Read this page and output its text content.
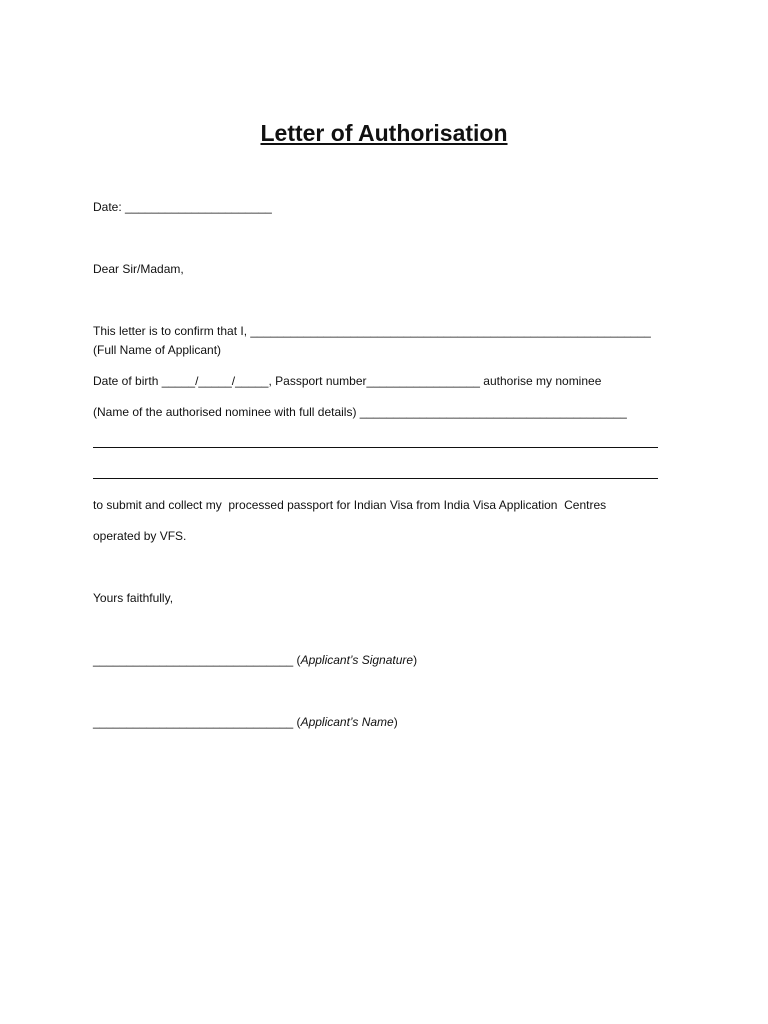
Letter of Authorisation
Date: ______________________
Dear Sir/Madam,
This letter is to confirm that I, ____________________________________________________________
(Full Name of Applicant)
Date of birth _____/_____/_____, Passport number_________________ authorise my nominee
(Name of the authorised nominee with full details) ________________________________________
to submit and collect my  processed passport for Indian Visa from India Visa Application  Centres
operated by VFS.
Yours faithfully,
______________________________ (Applicant’s Signature)
______________________________ (Applicant’s Name)
